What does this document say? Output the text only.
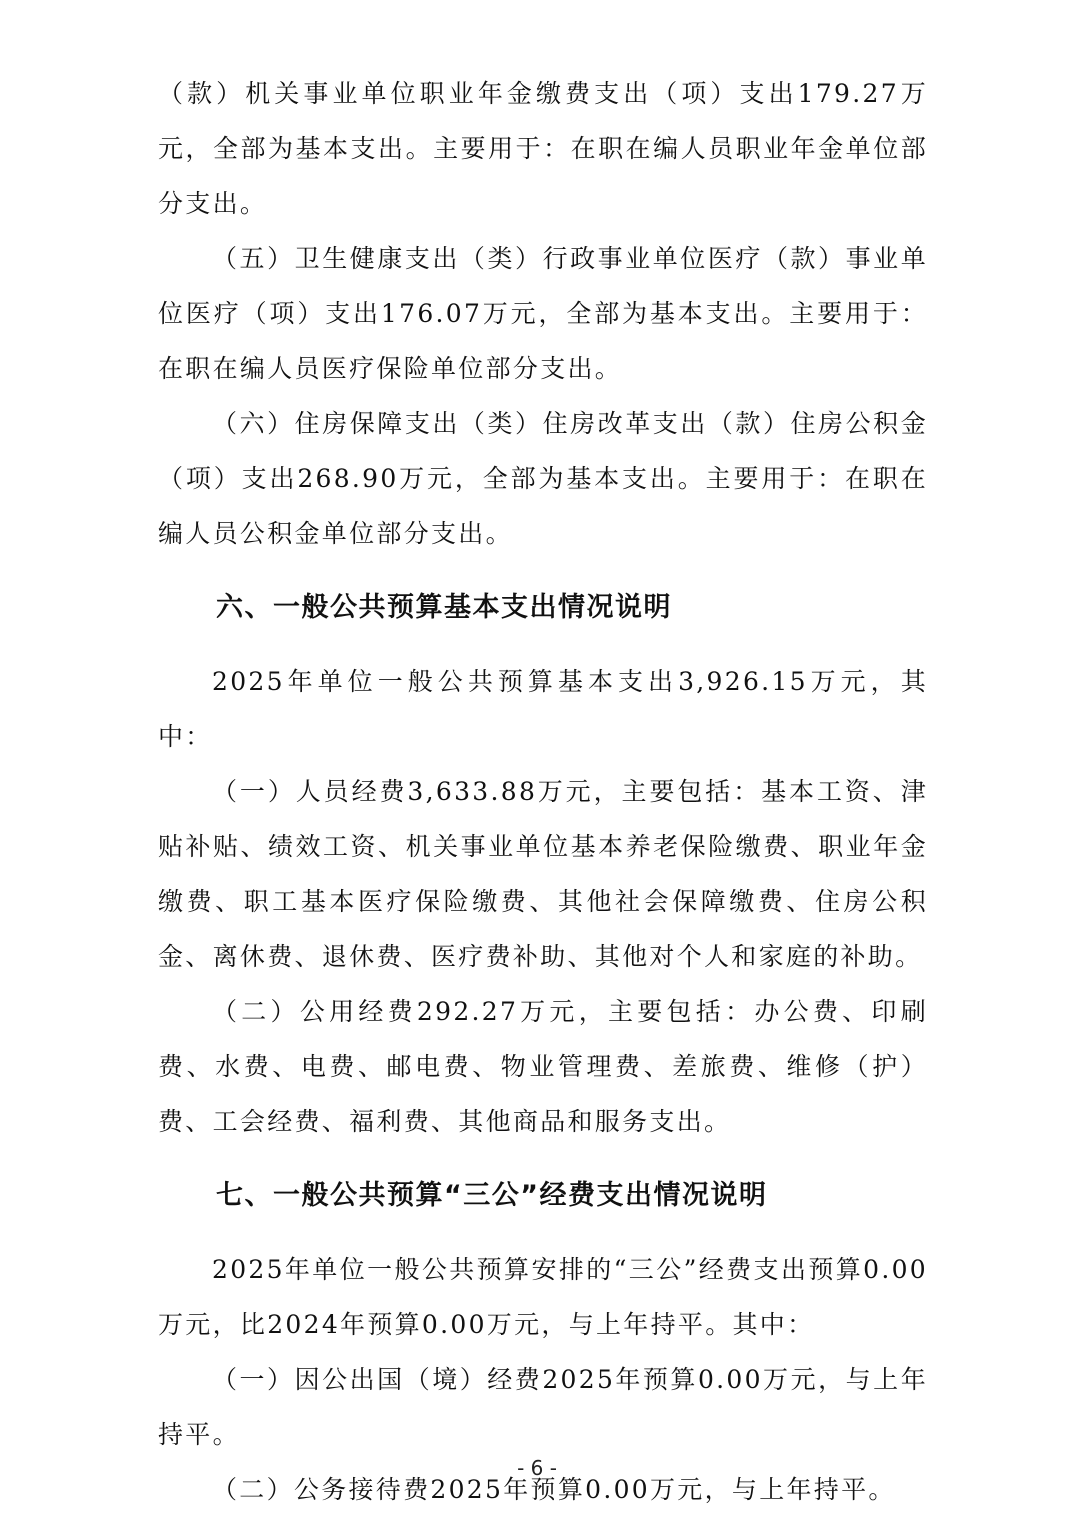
（款）机关事业单位职业年金缴费支出（项）支出179.27万元，全部为基本支出。主要用于：在职在编人员职业年金单位部分支出。

（五）卫生健康支出（类）行政事业单位医疗（款）事业单位医疗（项）支出176.07万元，全部为基本支出。主要用于：在职在编人员医疗保险单位部分支出。

（六）住房保障支出（类）住房改革支出（款）住房公积金（项）支出268.90万元，全部为基本支出。主要用于：在职在编人员公积金单位部分支出。

六、一般公共预算基本支出情况说明

2025年单位一般公共预算基本支出3,926.15万元，其中：

（一）人员经费3,633.88万元，主要包括：基本工资、津贴补贴、绩效工资、机关事业单位基本养老保险缴费、职业年金缴费、职工基本医疗保险缴费、其他社会保障缴费、住房公积金、离休费、退休费、医疗费补助、其他对个人和家庭的补助。

（二）公用经费292.27万元，主要包括：办公费、印刷费、水费、电费、邮电费、物业管理费、差旅费、维修（护）费、工会经费、福利费、其他商品和服务支出。

七、一般公共预算“三公”经费支出情况说明

2025年单位一般公共预算安排的“三公”经费支出预算0.00万元，比2024年预算0.00万元，与上年持平。其中：

（一）因公出国（境）经费2025年预算0.00万元，与上年持平。

（二）公务接待费2025年预算0.00万元，与上年持平。

- 6 -
